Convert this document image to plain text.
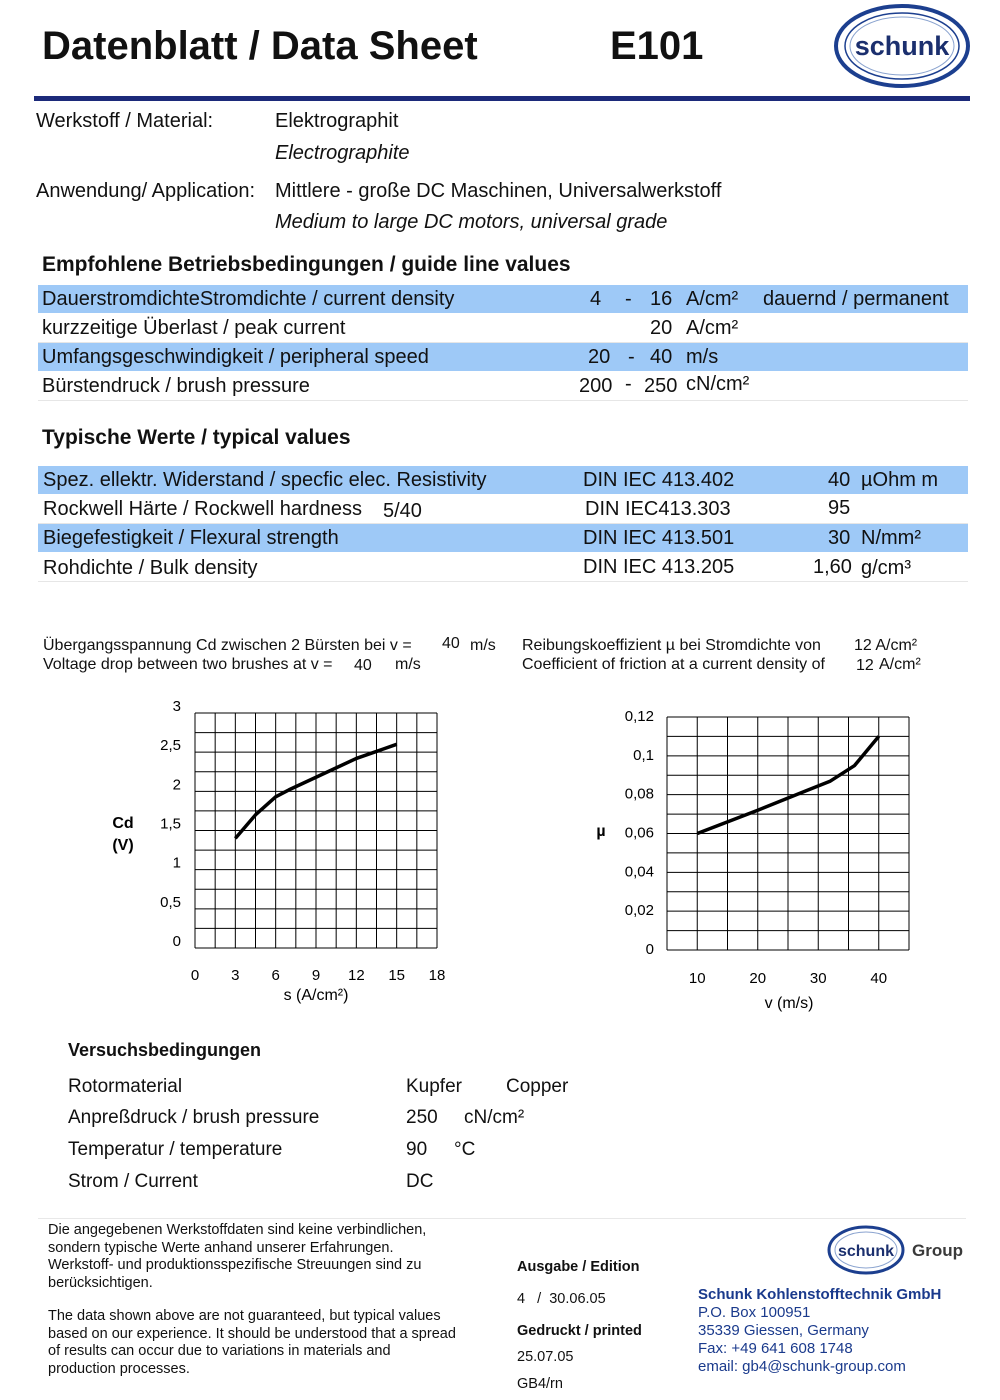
Datenblatt / Data Sheet	E101	schunk
Werkstoff / Material:	Elektrographit
Electrographite
Anwendung/ Application: Mittlere - große DC Maschinen, Universalwerkstoff
Medium to large DC motors, universal grade
Empfohlene Betriebsbedingungen / guide line values
DauerstromdichteStromdichte / current density	4 - 16 A/cm² dauernd / permanent
kurzzeitige Überlast / peak current	20 A/cm²
Umfangsgeschwindigkeit / peripheral speed	20 - 40 m/s
Bürstendruck / brush pressure	200 - 250 cN/cm²
Typische Werte / typical values
Spez. ellektr. Widerstand / specfic elec. Resistivity	DIN IEC 413.402	40 µOhm m
Rockwell Härte / Rockwell hardness 5/40	DIN IEC413.303	95
Biegefestigkeit / Flexural strength	DIN IEC 413.501	30 N/mm²
Rohdichte / Bulk density	DIN IEC 413.205	1,60 g/cm³
Übergangsspannung Cd zwischen 2 Bürsten bei v = 40 m/s
Voltage drop between two brushes at v = 40 m/s
Reibungskoeffizient µ bei Stromdichte von 12 A/cm²
Coefficient of friction at a current density of 12 A/cm²
0 3 6 9 12 15 18
0
0,5
1
1,5
2
2,5
3
s (A/cm²)
Cd
(V)
10	20	30	40
0
0,02
0,04
0,06
0,08
0,1
0,12
v (m/s)
µ
Versuchsbedingungen
Rotormaterial	Kupfer Copper
Anpreßdruck / brush pressure	250 cN/cm²
Temperatur / temperature	90 °C
Strom / Current	DC
Die angegebenen Werkstoffdaten sind keine verbindlichen,
sondern typische Werte anhand unserer Erfahrungen.
Werkstoff- und produktionsspezifische Streuungen sind zu
berücksichtigen.
The data shown above are not guaranteed, but typical values
based on our experience. It should be understood that a spread
of results can occur due to variations in materials and
production processes.
Ausgabe / Edition
4   /  30.06.05
Gedruckt / printed
25.07.05
GB4/rn
schunk Group
Schunk Kohlenstofftechnik GmbH
P.O. Box 100951
35339 Giessen, Germany
Fax: +49 641 608 1748
email: gb4@schunk-group.com
